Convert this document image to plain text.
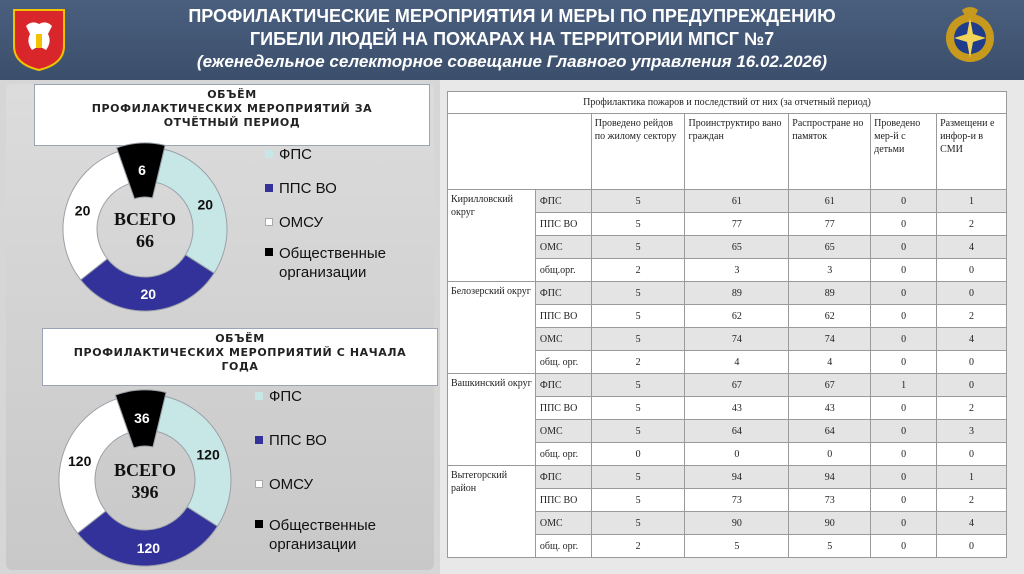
ПРОФИЛАКТИЧЕСКИЕ МЕРОПРИЯТИЯ И МЕРЫ ПО ПРЕДУПРЕЖДЕНИЮ
ГИБЕЛИ ЛЮДЕЙ НА ПОЖАРАХ НА ТЕРРИТОРИИ МПСГ №7
(еженедельное селекторное совещание Главного управления 16.02.2026)
ОБЪЁМ
ПРОФИЛАКТИЧЕСКИХ МЕРОПРИЯТИЙ ЗА
ОТЧЁТНЫЙ ПЕРИОД
20
20
20
6
ВСЕГО
66
ФПС
ППС ВО
ОМСУ
Общественные организации
ОБЪЁМ
ПРОФИЛАКТИЧЕСКИХ МЕРОПРИЯТИЙ С НАЧАЛА
ГОДА
120
120
120
36
ВСЕГО
396
ФПС
ППС ВО
ОМСУ
Общественные организации
Профилактика пожаров и последствий от них (за отчетный период)						
		Проведено рейдов по жилому сектору	Проинструктиро вано граждан	Распростране но памяток	Проведено мер-й с детьми	Размещени е инфор-и в СМИ
Кирилловский округ	ФПС	5	61	61	0	1
	ППС ВО	5	77	77	0	2
	ОМС	5	65	65	0	4
	общ.орг.	2	3	3	0	0
Белозерский округ	ФПС	5	89	89	0	0
	ППС ВО	5	62	62	0	2
	ОМС	5	74	74	0	4
	общ. орг.	2	4	4	0	0
Вашкинский округ	ФПС	5	67	67	1	0
	ППС ВО	5	43	43	0	2
	ОМС	5	64	64	0	3
	общ. орг.	0	0	0	0	0
Вытегорский район	ФПС	5	94	94	0	1
	ППС ВО	5	73	73	0	2
	ОМС	5	90	90	0	4
	общ. орг.	2	5	5	0	0
